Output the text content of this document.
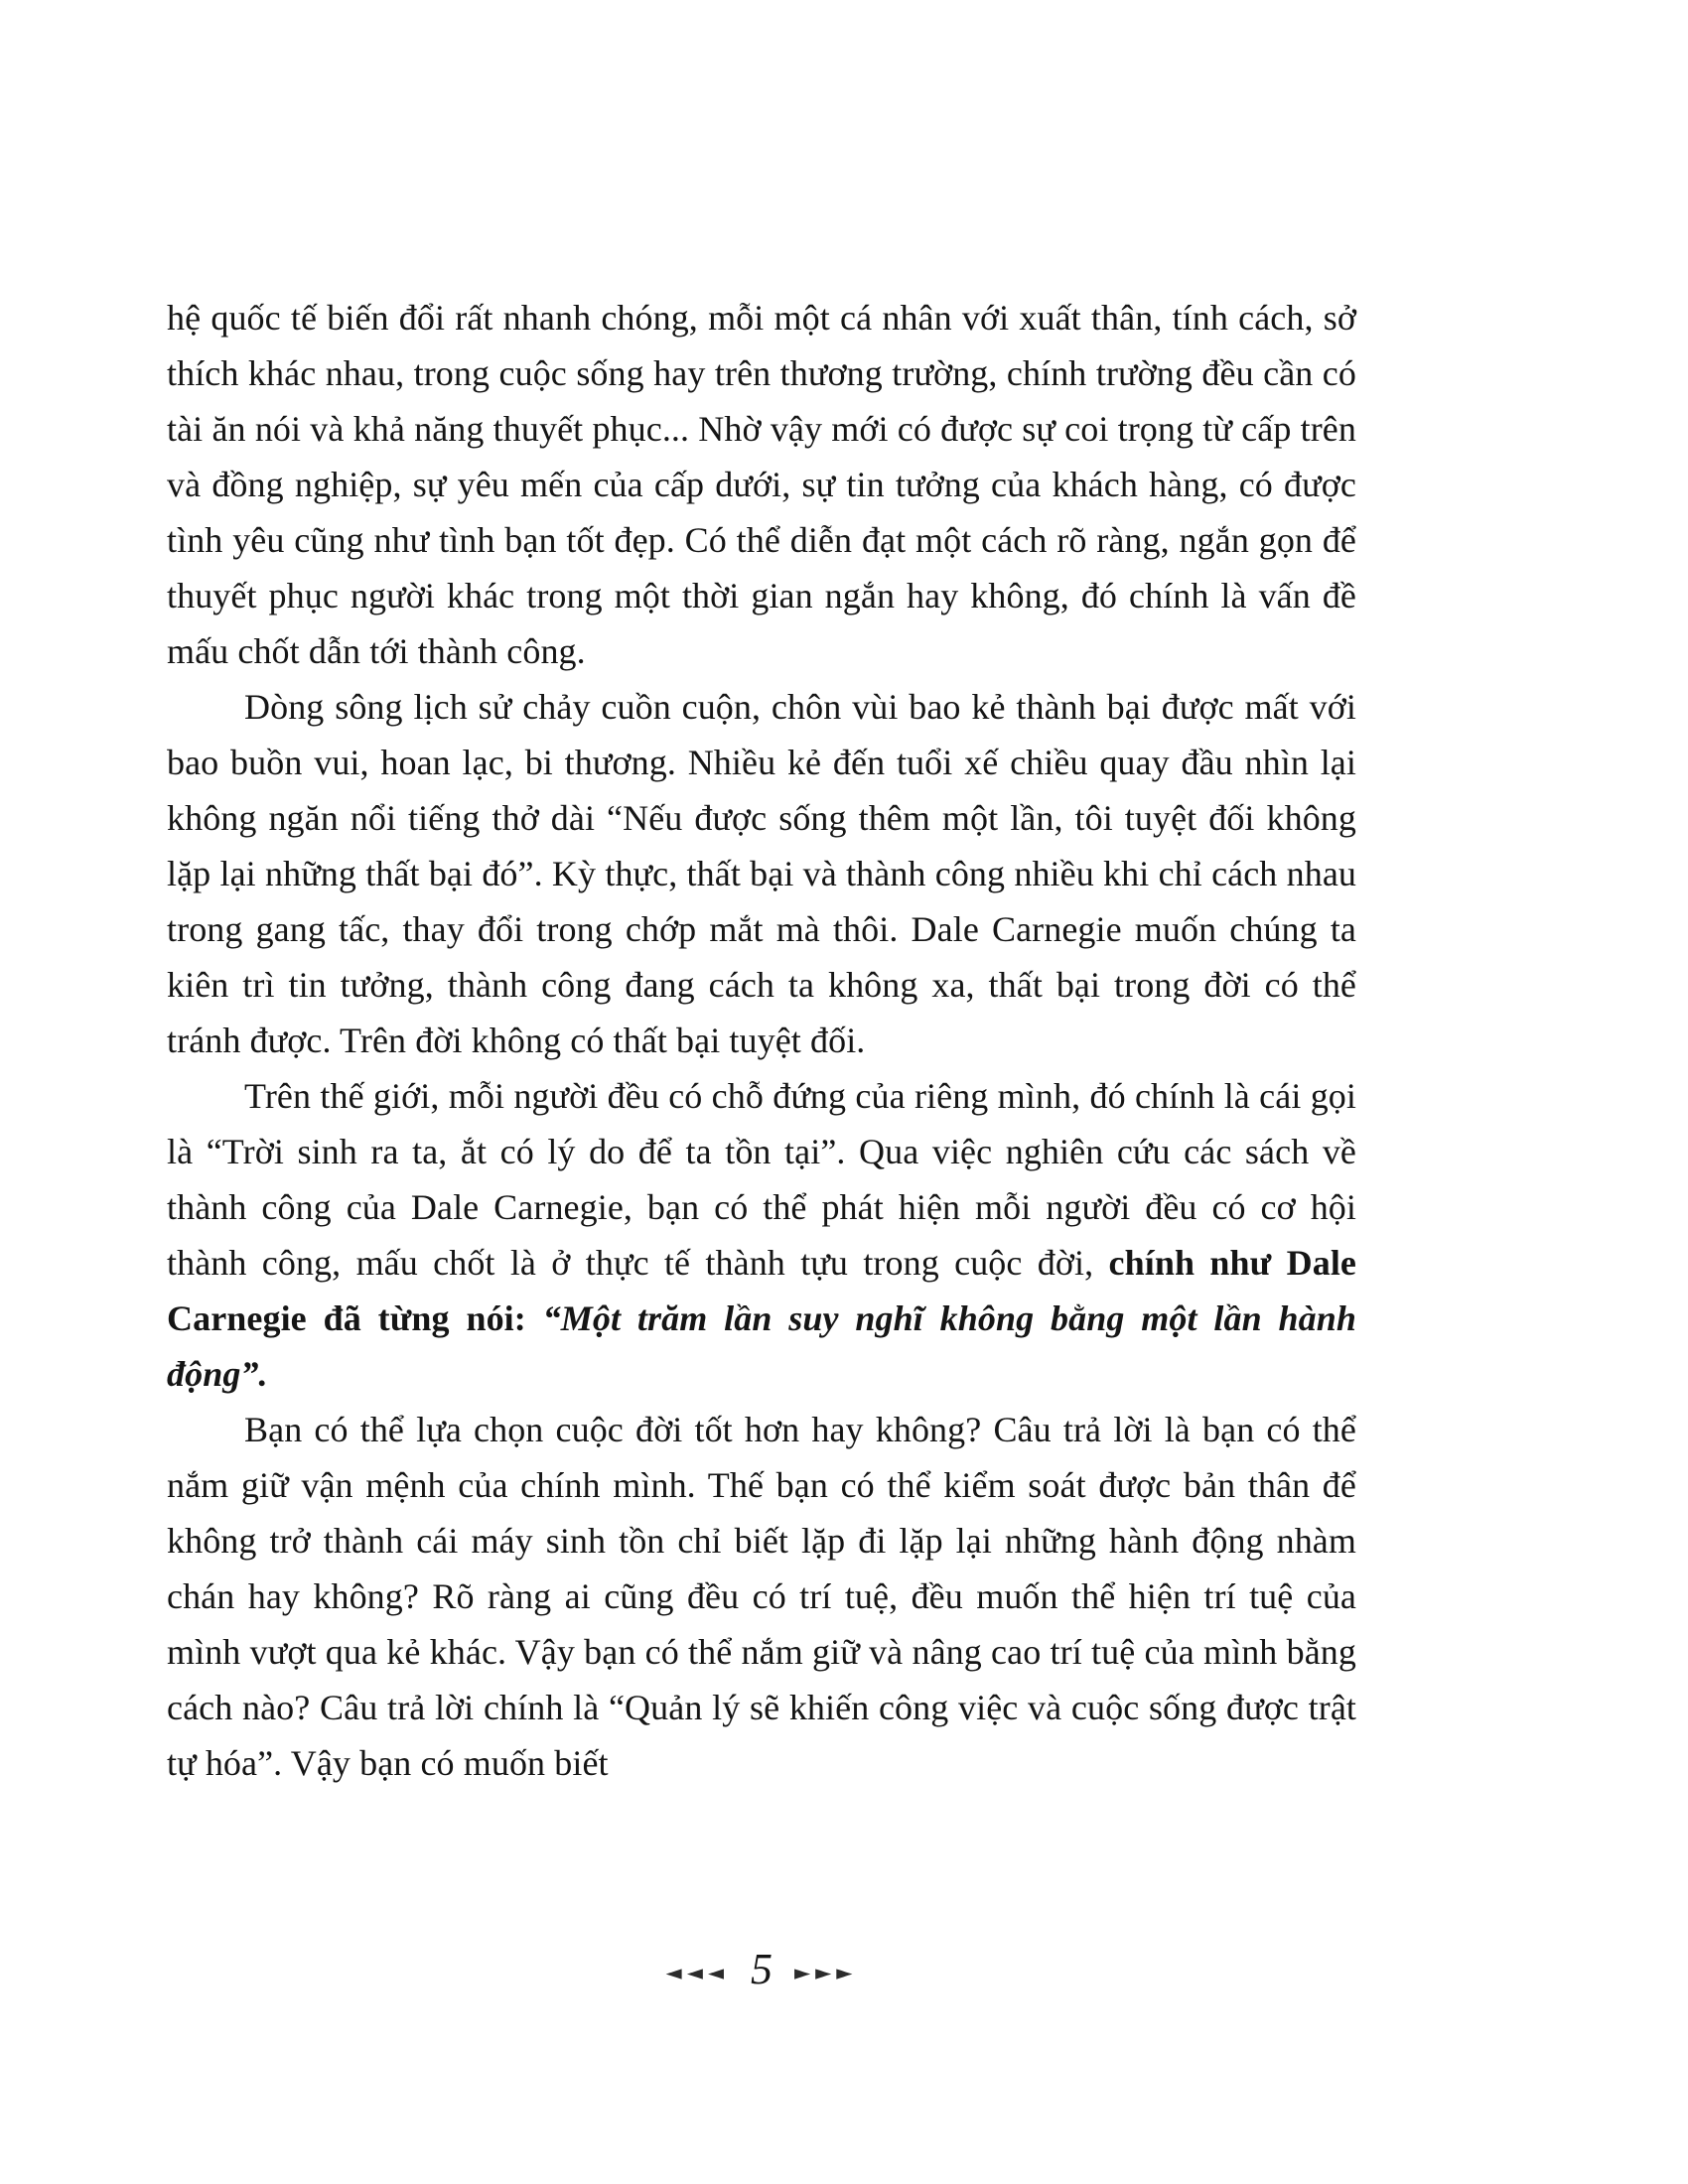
hệ quốc tế biến đổi rất nhanh chóng, mỗi một cá nhân với xuất thân, tính cách, sở thích khác nhau, trong cuộc sống hay trên thương trường, chính trường đều cần có tài ăn nói và khả năng thuyết phục... Nhờ vậy mới có được sự coi trọng từ cấp trên và đồng nghiệp, sự yêu mến của cấp dưới, sự tin tưởng của khách hàng, có được tình yêu cũng như tình bạn tốt đẹp. Có thể diễn đạt một cách rõ ràng, ngắn gọn để thuyết phục người khác trong một thời gian ngắn hay không, đó chính là vấn đề mấu chốt dẫn tới thành công.

Dòng sông lịch sử chảy cuồn cuộn, chôn vùi bao kẻ thành bại được mất với bao buồn vui, hoan lạc, bi thương. Nhiều kẻ đến tuổi xế chiều quay đầu nhìn lại không ngăn nổi tiếng thở dài “Nếu được sống thêm một lần, tôi tuyệt đối không lặp lại những thất bại đó”. Kỳ thực, thất bại và thành công nhiều khi chỉ cách nhau trong gang tấc, thay đổi trong chớp mắt mà thôi. Dale Carnegie muốn chúng ta kiên trì tin tưởng, thành công đang cách ta không xa, thất bại trong đời có thể tránh được. Trên đời không có thất bại tuyệt đối.

Trên thế giới, mỗi người đều có chỗ đứng của riêng mình, đó chính là cái gọi là “Trời sinh ra ta, ắt có lý do để ta tồn tại”. Qua việc nghiên cứu các sách về thành công của Dale Carnegie, bạn có thể phát hiện mỗi người đều có cơ hội thành công, mấu chốt là ở thực tế thành tựu trong cuộc đời, chính như Dale Carnegie đã từng nói: “Một trăm lần suy nghĩ không bằng một lần hành động”.

Bạn có thể lựa chọn cuộc đời tốt hơn hay không? Câu trả lời là bạn có thể nắm giữ vận mệnh của chính mình. Thế bạn có thể kiểm soát được bản thân để không trở thành cái máy sinh tồn chỉ biết lặp đi lặp lại những hành động nhàm chán hay không? Rõ ràng ai cũng đều có trí tuệ, đều muốn thể hiện trí tuệ của mình vượt qua kẻ khác. Vậy bạn có thể nắm giữ và nâng cao trí tuệ của mình bằng cách nào? Câu trả lời chính là “Quản lý sẽ khiến công việc và cuộc sống được trật tự hóa”. Vậy bạn có muốn biết

◄◄◄ 5 ►►►
